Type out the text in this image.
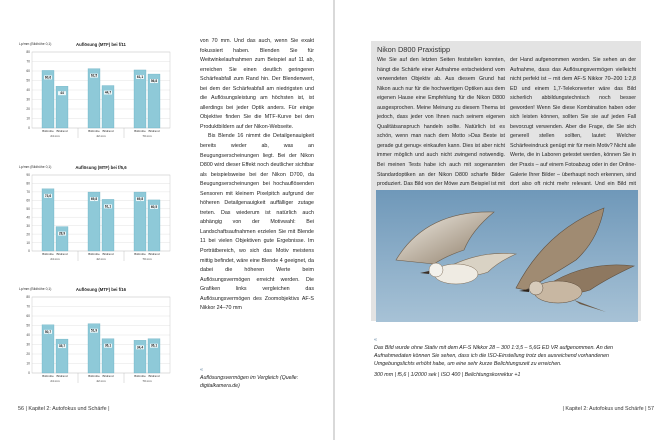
Lp/mm (Bildhöhe 0,1)	Auflösung (MTF) bei f/11
0
10
20
30
40
50
60
70
80
60,6
Bildmitte
44
Bildrand
62,5
Bildmitte
44,7
Bildrand
61,1
Bildmitte
56,8
Bildrand
24 mm	42 mm	70 mm
Lp/mm (Bildhöhe 0,1)	Auflösung (MTF) bei f/5,6
0
10
20
30
40
50
60
70
80
90
73,6
Bildmitte
28,9
Bildrand
69,8
Bildmitte
61,1
Bildrand
69,8
Bildmitte
60,5
Bildrand
24 mm	42 mm	70 mm
Lp/mm (Bildhöhe 0,1)	Auflösung (MTF) bei f/16
0
10
20
30
40
50
60
70
80
50,7
Bildmitte
35,7
Bildrand
51,9
Bildmitte
36,1
Bildrand
34,4
Bildmitte
36,1
Bildrand
24 mm	42 mm	70 mm

von 70 mm. Und das auch, wenn Sie exakt fokussiert haben. Blenden Sie für Weitwinkelaufnahmen zum Beispiel auf 11 ab, erreichen Sie einen deutlich geringeren Schärfeabfall zum Rand hin. Der Blendenwert, bei dem der Schärfeabfall am niedrigsten und die Auflösungsleistung am höchsten ist, ist allerdings bei jeder Optik anders. Für einige Objektive finden Sie die MTF-Kurve bei den Produktbildern auf der Nikon-Webseite.

Bis Blende 16 nimmt die Detailgenauigkeit bereits wieder ab, was an Beugungserscheinungen liegt. Bei der Nikon D800 wird dieser Effekt noch deutlicher sichtbar als beispielsweise bei der Nikon D700, da Beugungserscheinungen bei hochauflösenden Sensoren mit kleinem Pixelpitch aufgrund der höheren Detailgenauigkeit auffälliger zutage treten. Das wiederum ist natürlich auch abhängig von der Motivwahl: Bei Landschaftsaufnahmen erzielen Sie mit Blende 11 bei vielen Objektiven gute Ergebnisse. Im Porträtbereich, wo sich das Motiv meistens mittig befindet, wäre eine Blende 4 geeignet, da dabei die höheren Werte beim Auflösungsvermögen erreicht werden. Die Grafiken links vergleichen das Auflösungsvermögen des Zoomobjektivs AF-S Nikkor 24–70 mm

«
Auflösungsvermögen im Vergleich (Quelle: digitalkamera.de)
56 | Kapitel 2: Autofokus und Schärfe |	| Kapitel 2: Autofokus und Schärfe | 57
Nikon D800 Praxistipp
Wie Sie auf den letzten Seiten feststellen konnten, hängt die Schärfe einer Aufnahme entscheidend vom verwendeten Objektiv ab. Aus diesem Grund hat Nikon auch nur für die hochwertigen Optiken aus dem eigenen Hause eine Empfehlung für die Nikon D800 ausgesprochen. Meine Meinung zu diesem Thema ist jedoch, dass jeder von Ihnen nach seinem eigenen Qualitätsanspruch handeln sollte. Natürlich ist es schön, wenn man nach dem Motto »Das Beste ist gerade gut genug« einkaufen kann. Dies ist aber nicht immer möglich und auch nicht zwingend notwendig. Bei meinen Tests habe ich auch mit sogenannten Standardoptiken an der Nikon D800 scharfe Bilder produziert. Das Bild von der Möwe zum Beispiel ist mit
der Hand aufgenommen worden. Sie sehen an der Aufnahme, dass das Auflösungsvermögen vielleicht nicht perfekt ist – mit dem AF-S Nikkor 70–200 1:2,8 ED und einem 1,7-Telekonverter wäre das Bild sicherlich abbildungstechnisch noch besser geworden! Wenn Sie diese Kombination haben oder sich leisten können, sollten Sie sie auf jeden Fall bevorzugt verwenden. Aber die Frage, die Sie sich generell stellen sollten, lautet: Welcher Schärfeeindruck genügt mir für mein Motiv? Nicht alle Werte, die in Laboren getestet werden, können Sie in der Praxis – auf einem Fotoabzug oder in der Online-Galerie Ihrer Bilder – überhaupt noch erkennen, sind dort also oft nicht mehr relevant. Und ein Bild mit
«
Das Bild wurde ohne Stativ mit dem AF-S Nikkor 28 – 300 1:3,5 – 5,6G ED VR aufgenommen. An den Aufnahmedaten können Sie sehen, dass ich die ISO-Einstellung trotz des ausreichend vorhandenen Umgebungslichts erhöht habe, um eine sehr kurze Belichtungszeit zu erreichen.
300 mm | f5,6 | 1/2000 sek | ISO 400 | Belichtungskorrektur +1
